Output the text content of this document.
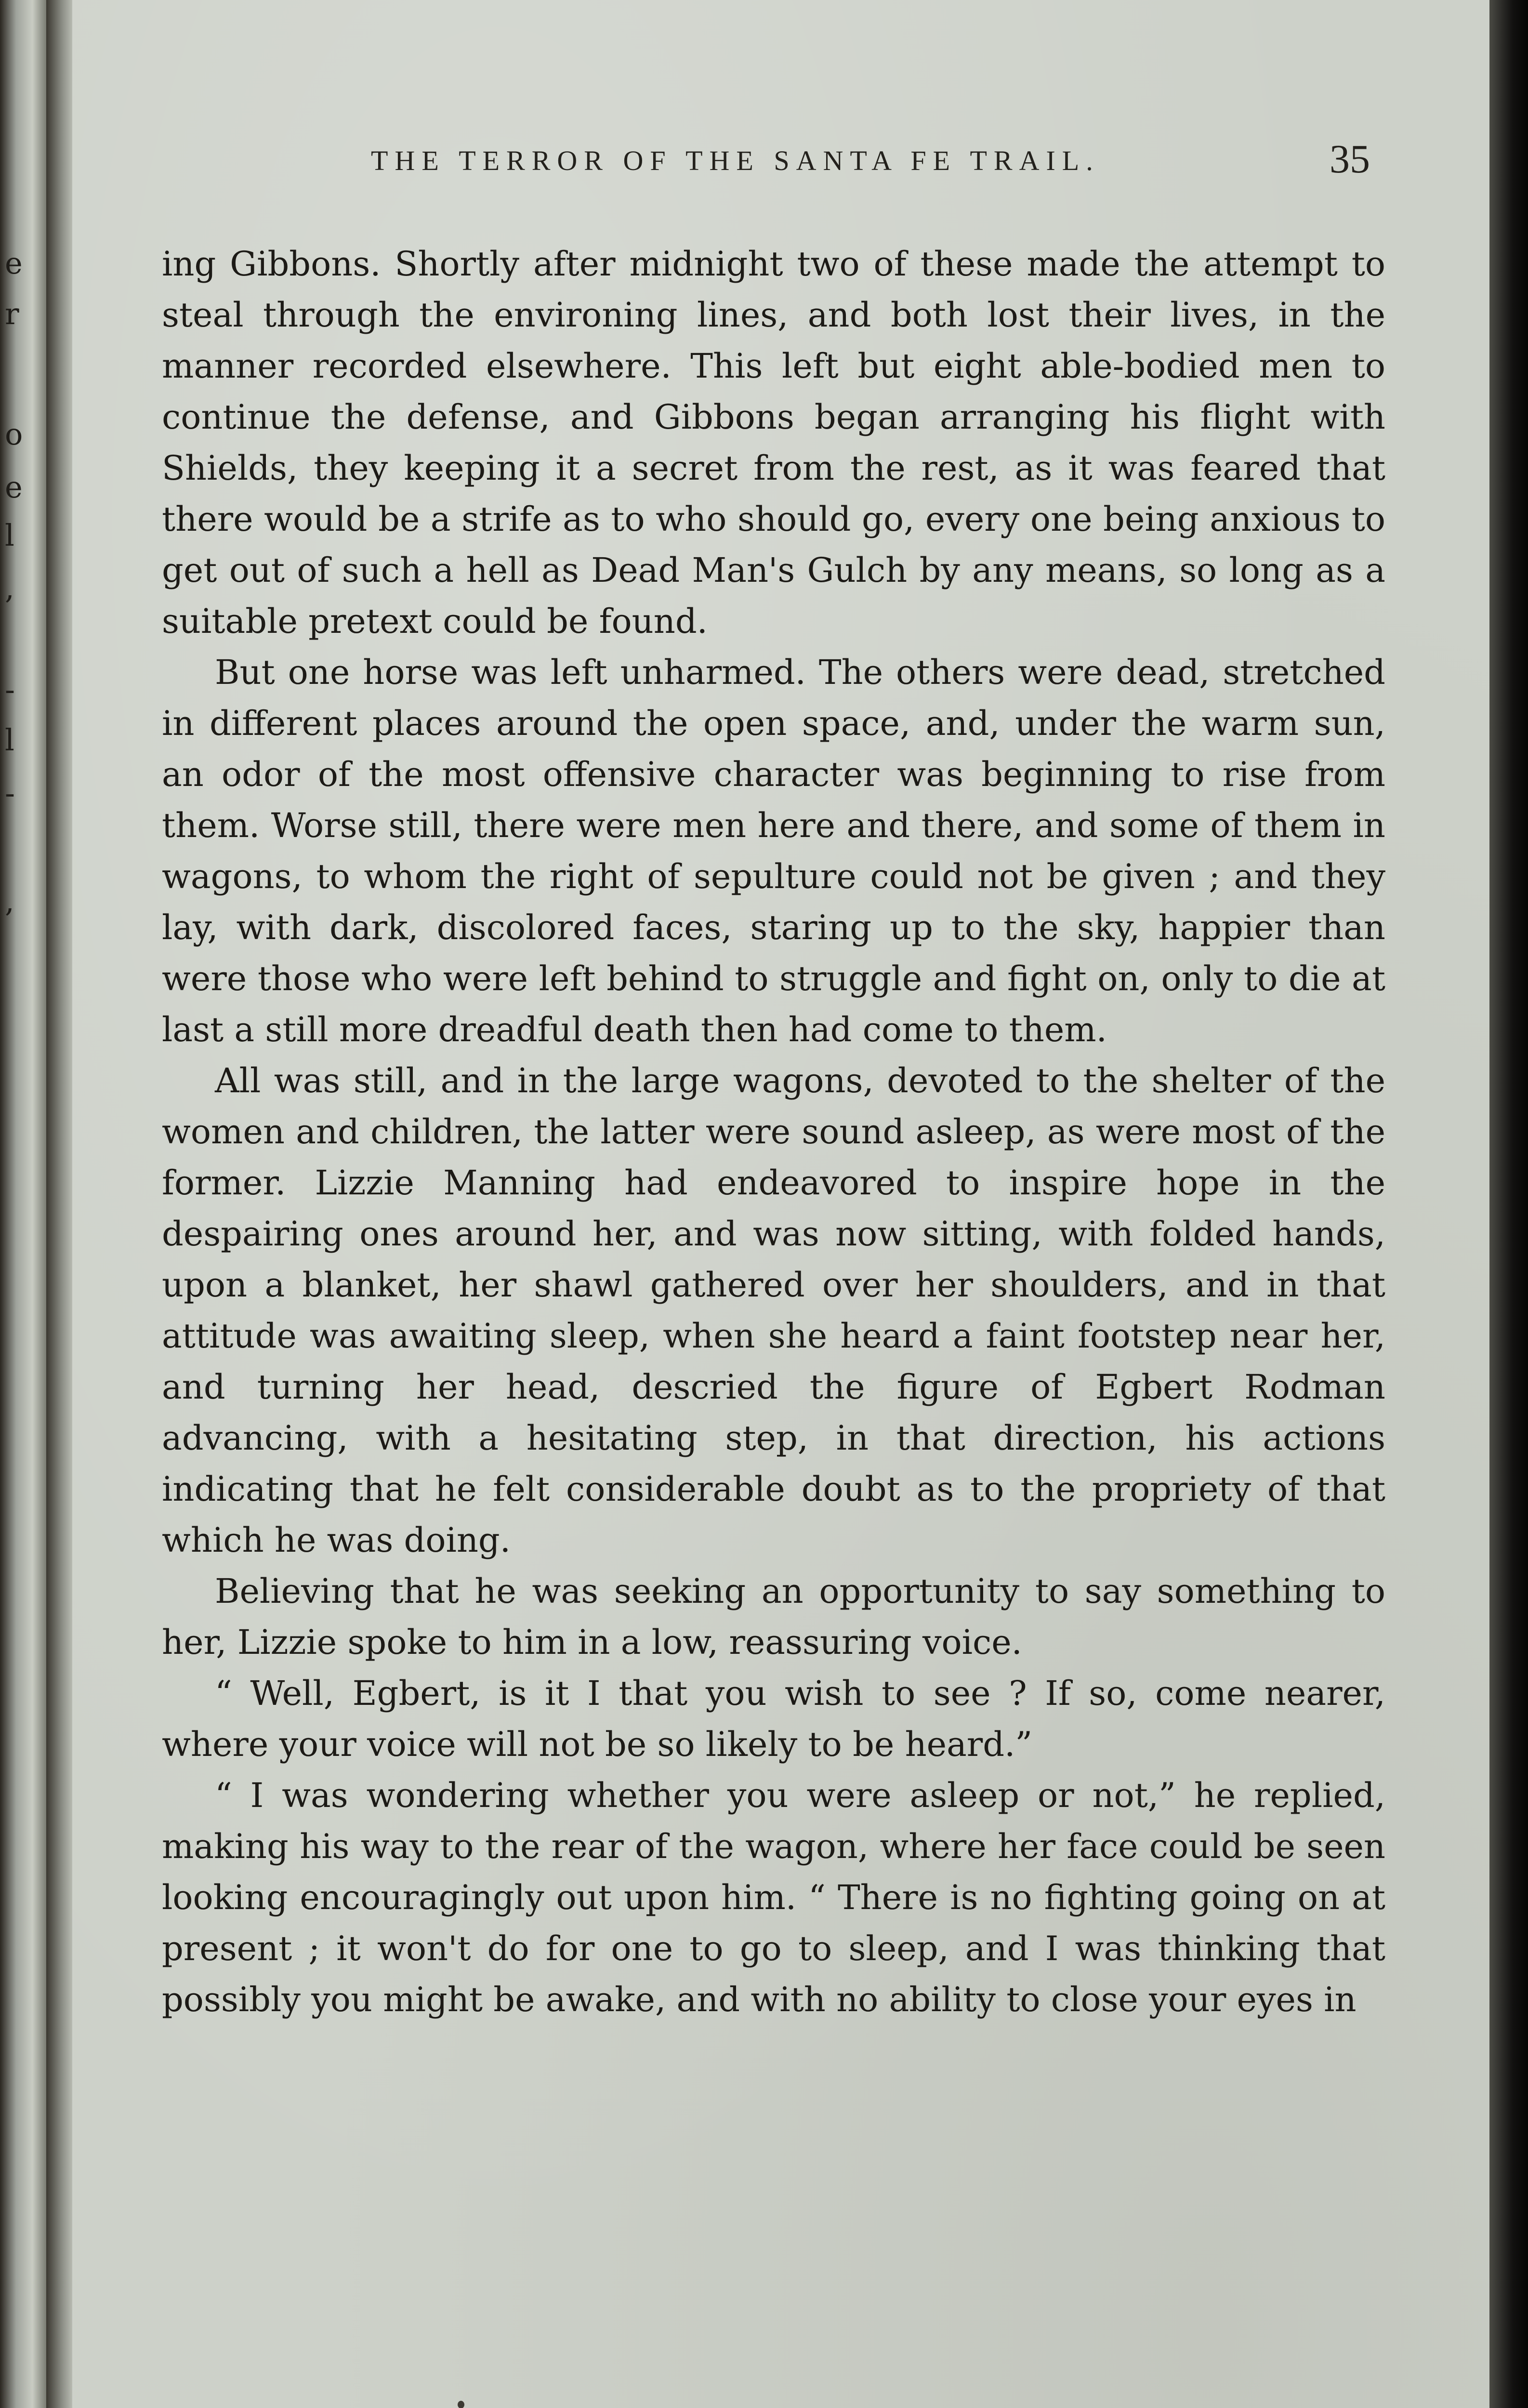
e
r
o
e
l
,
-
l
-
,
THE TERROR OF THE SANTA FE TRAIL.	35

ing Gibbons. Shortly after midnight two of these made the attempt to steal through the environing lines, and both lost their lives, in the manner recorded elsewhere. This left but eight able-bodied men to continue the defense, and Gibbons began arranging his flight with Shields, they keeping it a secret from the rest, as it was feared that there would be a strife as to who should go, every one being anxious to get out of such a hell as Dead Man's Gulch by any means, so long as a suitable pretext could be found.

But one horse was left unharmed. The others were dead, stretched in different places around the open space, and, under the warm sun, an odor of the most offensive character was beginning to rise from them. Worse still, there were men here and there, and some of them in wagons, to whom the right of sepulture could not be given ; and they lay, with dark, discolored faces, staring up to the sky, happier than were those who were left behind to struggle and fight on, only to die at last a still more dreadful death then had come to them.

All was still, and in the large wagons, devoted to the shelter of the women and children, the latter were sound asleep, as were most of the former. Lizzie Manning had endeavored to inspire hope in the despairing ones around her, and was now sitting, with folded hands, upon a blanket, her shawl gathered over her shoulders, and in that attitude was awaiting sleep, when she heard a faint footstep near her, and turning her head, descried the figure of Egbert Rodman advancing, with a hesitating step, in that direction, his actions indicating that he felt considerable doubt as to the propriety of that which he was doing.

Believing that he was seeking an opportunity to say something to her, Lizzie spoke to him in a low, reassuring voice.

“ Well, Egbert, is it I that you wish to see ? If so, come nearer, where your voice will not be so likely to be heard.”

“ I was wondering whether you were asleep or not,” he replied, making his way to the rear of the wagon, where her face could be seen looking encouragingly out upon him. “ There is no fighting going on at present ; it won't do for one to go to sleep, and I was thinking that possibly you might be awake, and with no ability to close your eyes in
